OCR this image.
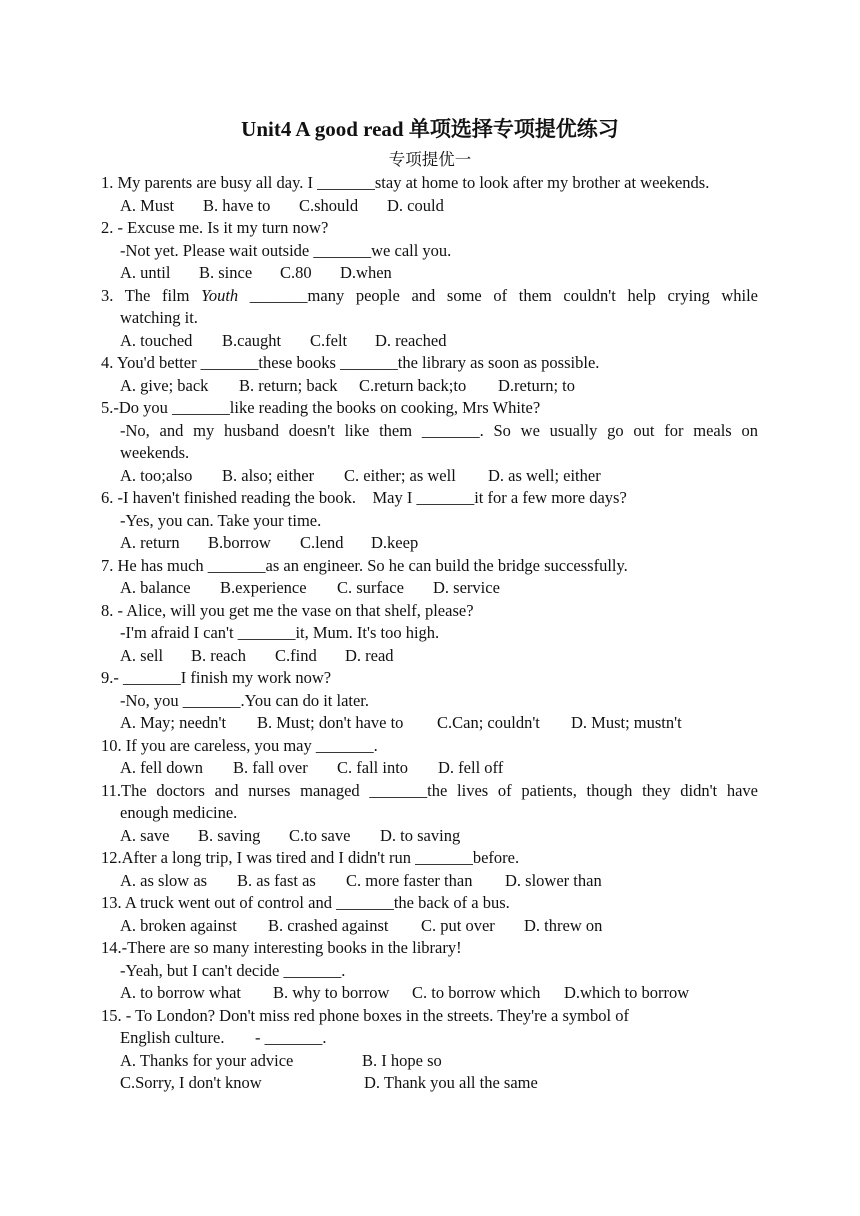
Unit4 A good read 单项选择专项提优练习
专项提优一
1. My parents are busy all day. I _______stay at home to look after my brother at weekends.
A. Must B. have to C.should D. could
2. - Excuse me. Is it my turn now?
-Not yet. Please wait outside _______we call you.
A. until B. since C.80 D.when
3. The film Youth _______many people and some of them couldn't help crying while
watching it.
A. touched B.caught C.felt D. reached
4. You'd better _______these books _______the library as soon as possible.
A. give; back B. return; back C.return back;to D.return; to
5.-Do you _______like reading the books on cooking, Mrs White?
-No, and my husband doesn't like them _______. So we usually go out for meals on
weekends.
A. too;also B. also; either C. either; as well D. as well; either
6. -I haven't finished reading the book.    May I _______it for a few more days?
-Yes, you can. Take your time.
A. return B.borrow C.lend D.keep
7. He has much _______as an engineer. So he can build the bridge successfully.
A. balance B.experience C. surface D. service
8. - Alice, will you get me the vase on that shelf, please?
-I'm afraid I can't _______it, Mum. It's too high.
A. sell B. reach C.find D. read
9.- _______I finish my work now?
-No, you _______.You can do it later.
A. May; needn't B. Must; don't have to C.Can; couldn't D. Must; mustn't
10. If you are careless, you may _______.
A. fell down B. fall over C. fall into D. fell off
11.The doctors and nurses managed _______the lives of patients, though they didn't have
enough medicine.
A. save B. saving C.to save D. to saving
12.After a long trip, I was tired and I didn't run _______before.
A. as slow as B. as fast as C. more faster than D. slower than
13. A truck went out of control and _______the back of a bus.
A. broken against B. crashed against C. put over D. threw on
14.-There are so many interesting books in the library!
-Yeah, but I can't decide _______.
A. to borrow what B. why to borrow C. to borrow which D.which to borrow
15. - To London? Don't miss red phone boxes in the streets. They're a symbol of
English culture. - _______.
A. Thanks for your advice	B. I hope so
C.Sorry, I don't know	D. Thank you all the same
